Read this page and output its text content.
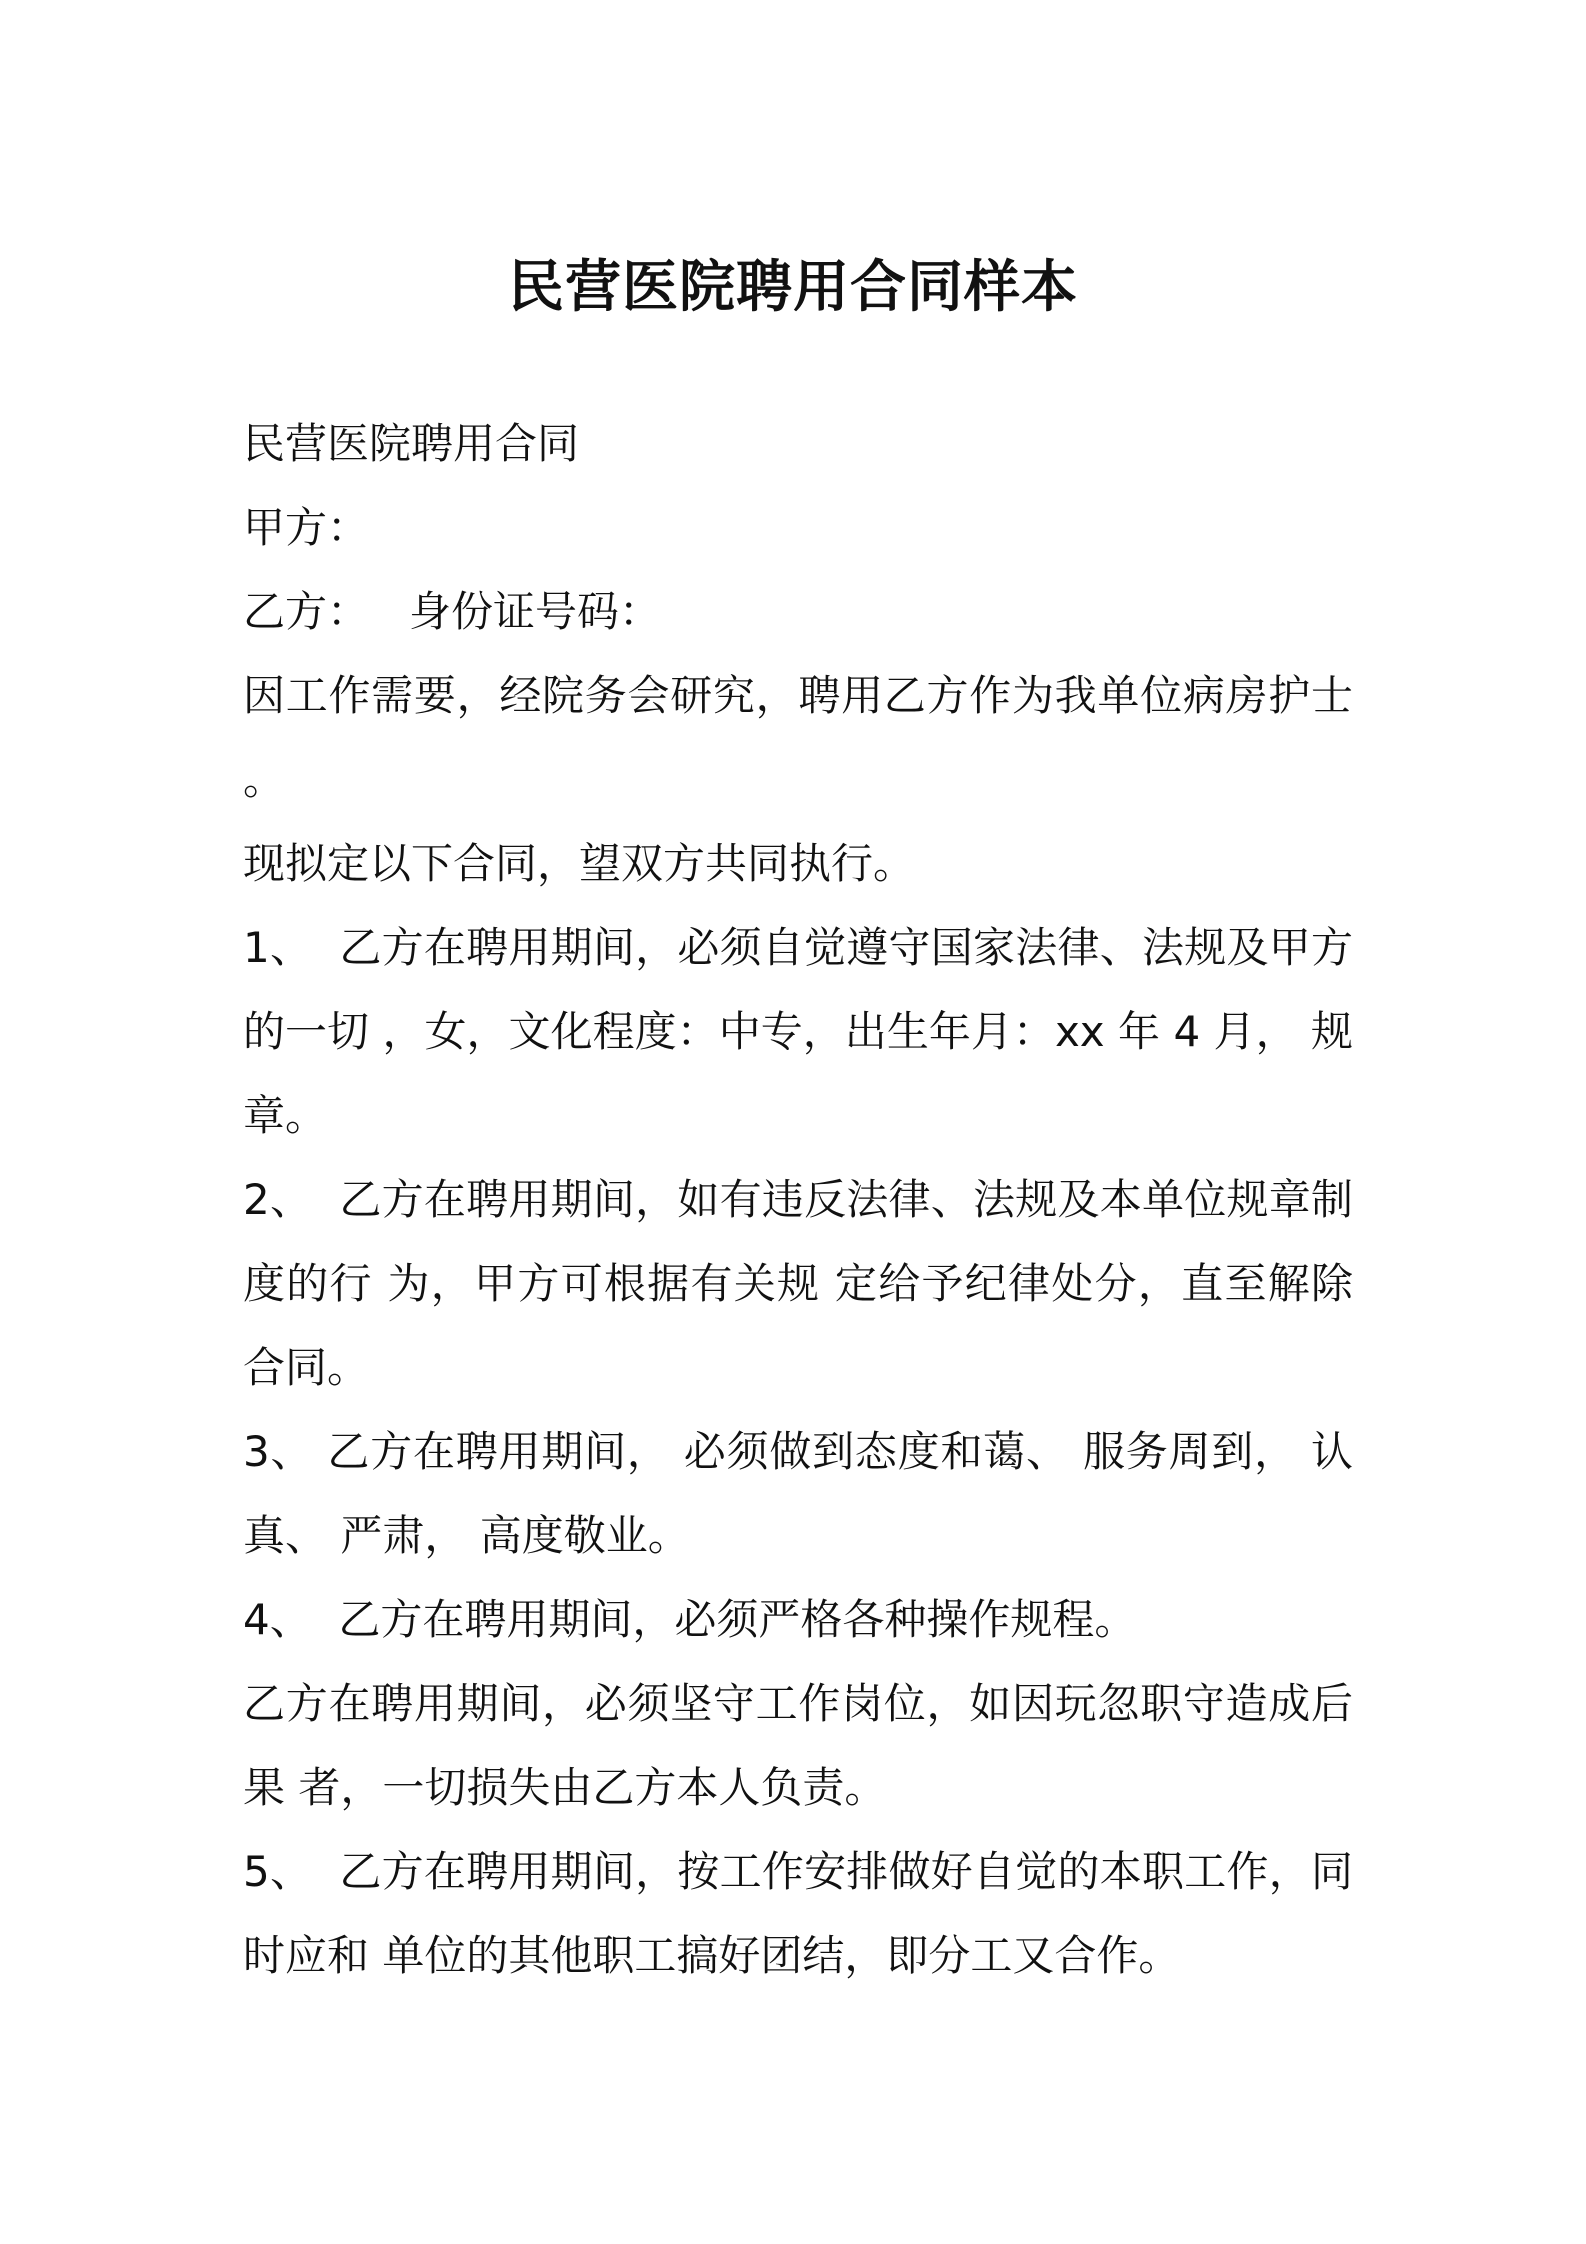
民营医院聘用合同样本
民营医院聘用合同
甲方：
乙方：   身份证号码：
因工作需要，经院务会研究，聘用乙方作为我单位病房护士
。
现拟定以下合同，望双方共同执行。
1、  乙方在聘用期间，必须自觉遵守国家法律、法规及甲方
的一切 ，女，文化程度：中专，出生年月：xx 年 4 月， 规
章。
2、  乙方在聘用期间，如有违反法律、法规及本单位规章制
度的行 为，甲方可根据有关规 定给予纪律处分，直至解除
合同。
3、 乙方在聘用期间， 必须做到态度和蔼、 服务周到， 认
真、 严肃， 高度敬业。
4、  乙方在聘用期间，必须严格各种操作规程。
乙方在聘用期间，必须坚守工作岗位，如因玩忽职守造成后
果 者，一切损失由乙方本人负责。
5、  乙方在聘用期间，按工作安排做好自觉的本职工作，同
时应和 单位的其他职工搞好团结，即分工又合作。
